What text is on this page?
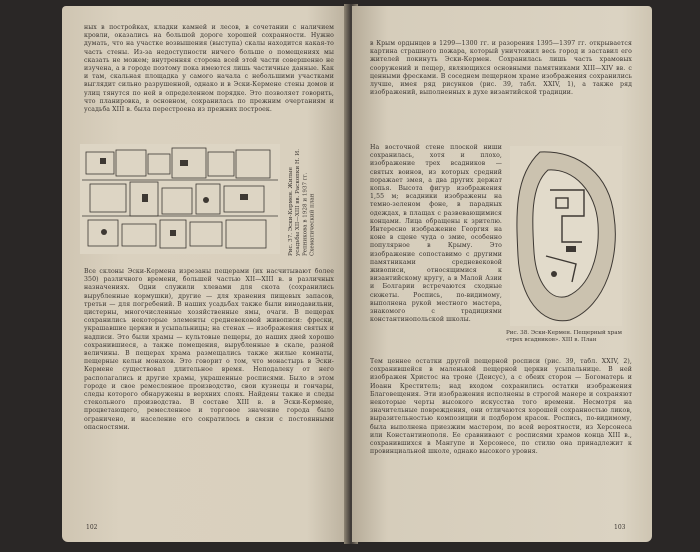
ных в постройках, кладки камней и лесов, в сочетании с наличием кровли, оказались на большой дороге хорошей сохранности. Нужно думать, что на участке возвышения (выступа) скалы находится какая-то часть стены. Из-за недоступности ничего больше о помещениях мы сказать не можем; внутренняя сторона всей этой части совершенно не изучена, а в городе поэтому пока имеются лишь частичные данные. Как и там, скальная площадка у самого начала с небольшими участками выглядит сильно разрушенной, однако и в Эски-Кермене стены домов и улиц тянутся по ней в определенном порядке. Это позволяет говорить, что планировка, в основном, сохранилась по прежним очертаниям и усадьба XIII в. была перестроена из прежних построек.
Рис. 37. Эски-Кермен. Жилые усадьбы XII—XIII вв. Раскопки Н. И. Репникова в 1928 и 1937 гг. Схематический план
Все склоны Эски-Кермена изрезаны пещерами (их насчитывают более 350) различного времени, большей частью XII—XIII в. в различных назначениях. Одни служили хлевами для скота (сохранились вырубленные кормушки), другие — для хранения пищевых запасов, третьи — для погребений. В наших усадьбах также были винодавильни, цистерны, многочисленные хозяйственные ямы, очаги. В пещерах сохранились некоторые элементы средневековой живописи: фрески, украшавшие церкви и усыпальницы; на стенах — изображения святых и надписи. Это были храмы — культовые пещеры, до наших дней хорошо сохранившиеся, а также помещения, вырубленные в скале, разной величины. В пещерах храма размещались также жилые комнаты, пещерные кельи монахов. Это говорит о том, что монастырь в Эски-Кермене существовал длительное время. Неподалеку от него располагались и другие храмы, украшенные росписями. Было в этом городе и свое ремесленное производство, свои кузнецы и гончары, следы которого обнаружены в верхних слоях. Найдены также и следы стекольного производства. В составе XIII в. в Эски-Кермене, процветающего, ремесленное и торговое значение города было ограничено, и население его сократилось в связи с постоянными опасностями.
102
в Крым ордынцев в 1299—1300 гг. и разорения 1395—1397 гг. открывается картина страшного пожара, который уничтожил весь город и заставил его жителей покинуть Эски-Кермен. Сохранилась лишь часть храмовых сооружений и пещер, являющихся основными памятниками XIII—XIV вв. с ценными фресками. В соседнем пещерном храме изображения сохранились лучше, имея ряд рисунков (рис. 39, табл. XXIV, 1), а также ряд изображений, выполненных в духе византийской традиции.
На восточной стене плоской ниши сохранилась, хотя и плохо, изображение трех всадников — святых воинов, из которых средний поражает змея, а два других держат копья. Высота фигур изображения 1,55 м; всадники изображены на темно-зеленом фоне, в парадных одеждах, в плащах с развевающимися концами. Лица обращены к зрителю. Интересно изображение Георгия на коне в сцене чуда о змие, особенно популярное в Крыму. Это изображение сопоставимо с другими памятниками средневековой живописи, относящимися к византийскому кругу, а в Малой Азии и Болгарии встречаются сходные сюжеты. Роспись, по-видимому, выполнена рукой местного мастера, знакомого с традициями константинопольской школы.
Рис. 38. Эски-Кермен. Пещерный храм «трех всадников». XIII в. План
Тем ценнее остатки другой пещерной росписи (рис. 39, табл. XXIV, 2), сохранившейся в маленькой пещерной церкви усыпальнице. В ней изображен Христос на троне (Деисус), а с обеих сторон — Богоматерь и Иоанн Креститель; над входом сохранились остатки изображения Благовещения. Эти изображения исполнены в строгой манере и сохраняют некоторые черты высокого искусства того времени. Несмотря на значительные повреждения, они отличаются хорошей сохранностью ликов, выразительностью композиции и подбором красок. Роспись, по-видимому, была выполнена приезжим мастером, по всей вероятности, из Херсонеса или Константинополя. Ее сравнивают с росписями храмов конца XIII в., сохранившихся в Мангупе и Херсонесе, по стилю она принадлежит к провинциальной школе, однако высокого уровня.
103
